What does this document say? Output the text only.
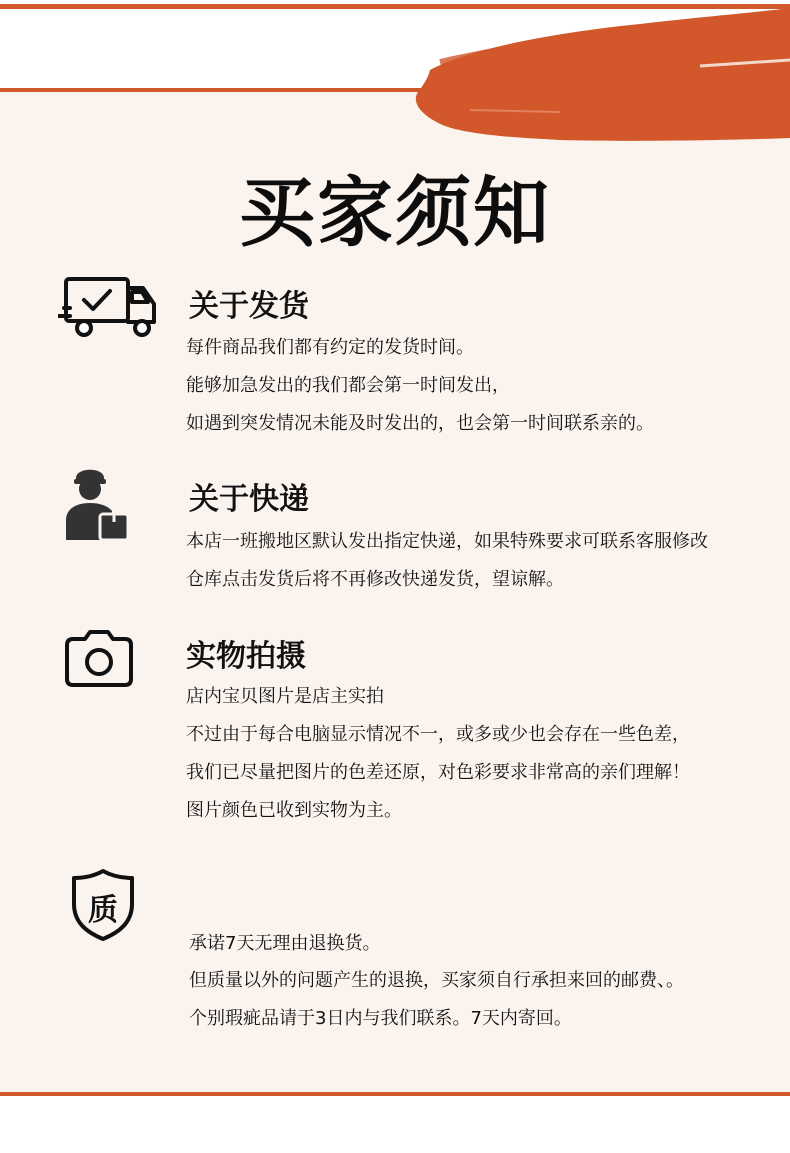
买家须知
关于发货
每件商品我们都有约定的发货时间。
能够加急发出的我们都会第一时间发出，
如遇到突发情况未能及时发出的，也会第一时间联系亲的。
关于快递
本店一班搬地区默认发出指定快递，如果特殊要求可联系客服修改
仓库点击发货后将不再修改快递发货，望谅解。
实物拍摄
店内宝贝图片是店主实拍
不过由于每合电脑显示情况不一，或多或少也会存在一些色差，
我们已尽量把图片的色差还原，对色彩要求非常高的亲们理解！
图片颜色已收到实物为主。
质
承诺7天无理由退换货。
但质量以外的问题产生的退换，买家须自行承担来回的邮费、。
个别瑕疵品请于3日内与我们联系。7天内寄回。
